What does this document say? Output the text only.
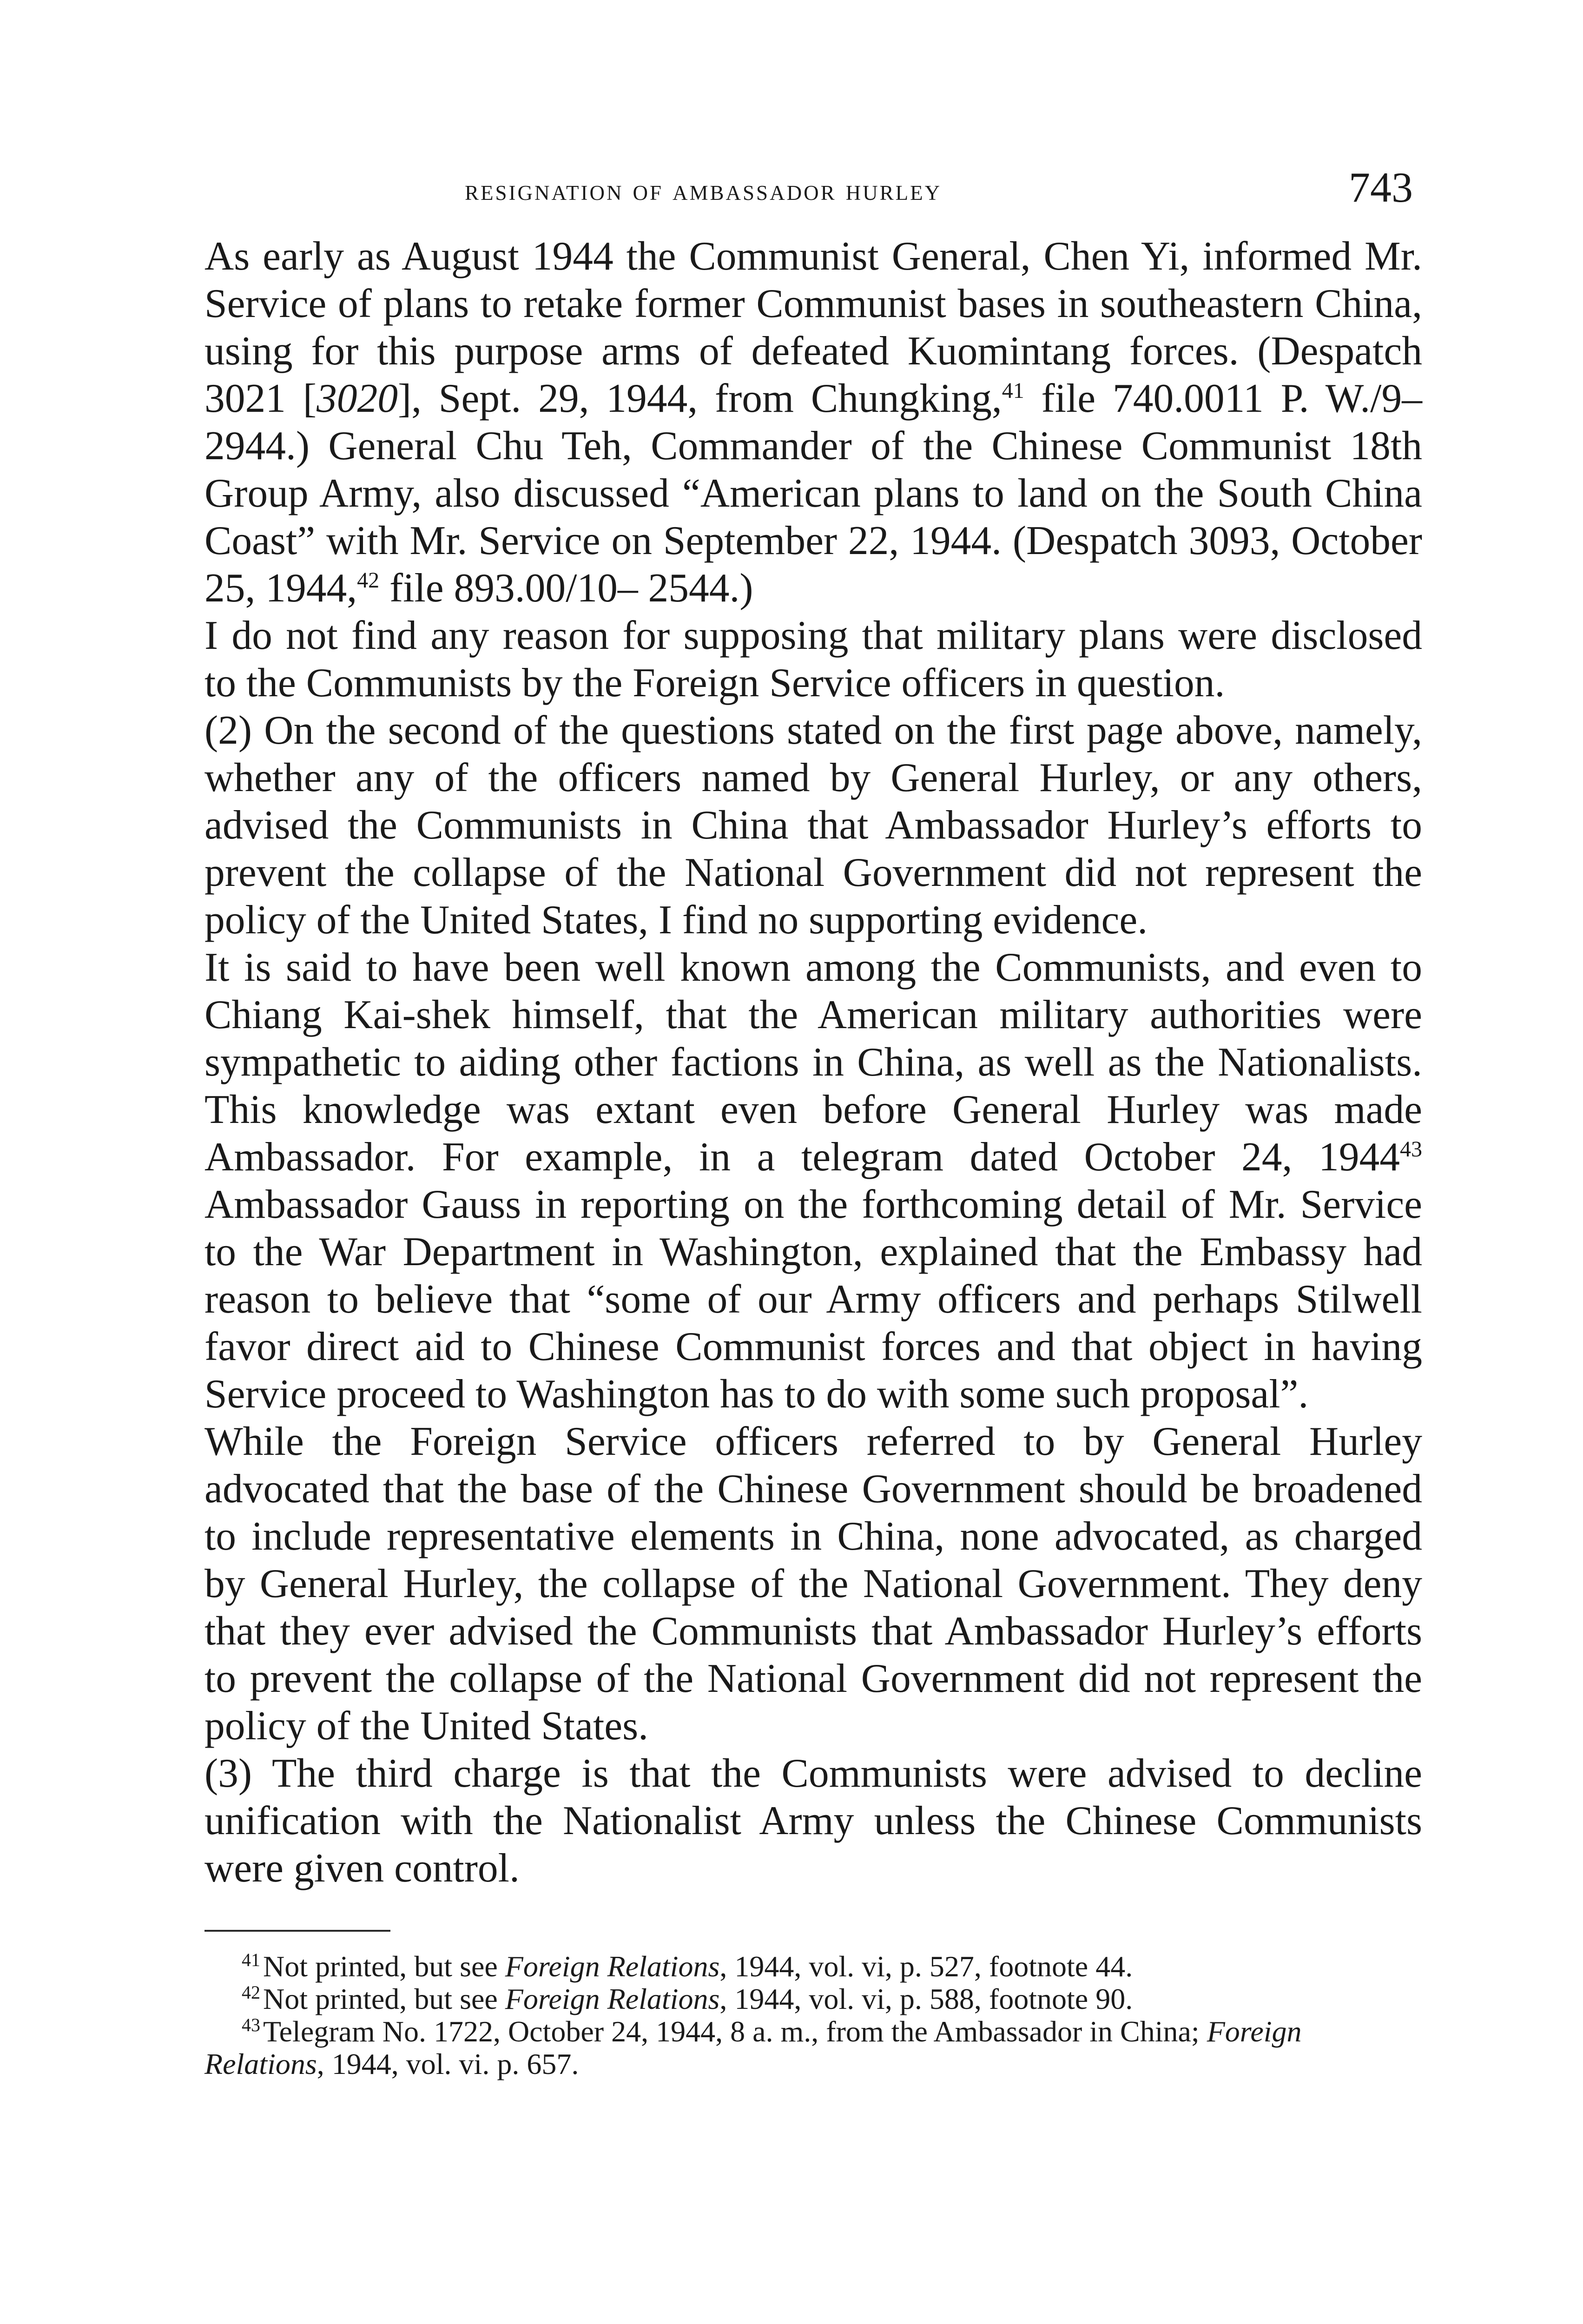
resignation of ambassador hurley	743

As early as August 1944 the Communist General, Chen Yi, informed Mr. Service of plans to retake former Communist bases in southeastern China, using for this purpose arms of defeated Kuomintang forces. (Despatch 3021 [3020], Sept. 29, 1944, from Chungking,$^{41}$ file 740.0011 P. W./9–2944.) General Chu Teh, Commander of the Chinese Communist 18th Group Army, also discussed “American plans to land on the South China Coast” with Mr. Service on September 22, 1944. (Despatch 3093, October 25, 1944,42 file 893.00/10– 2544.)

I do not find any reason for supposing that military plans were disclosed to the Communists by the Foreign Service officers in question.

(2) On the second of the questions stated on the first page above, namely, whether any of the officers named by General Hurley, or any others, advised the Communists in China that Ambassador Hurley’s efforts to prevent the collapse of the National Government did not represent the policy of the United States, I find no supporting evidence.

It is said to have been well known among the Communists, and even to Chiang Kai-shek himself, that the American military authorities were sympathetic to aiding other factions in China, as well as the Nationalists. This knowledge was extant even before General Hurley was made Ambassador. For example, in a telegram dated October 24, 1944$^{43}$ Ambassador Gauss in reporting on the forthcoming detail of Mr. Service to the War Department in Washington, explained that the Embassy had reason to believe that “some of our Army officers and perhaps Stilwell favor direct aid to Chinese Communist forces and that object in having Service proceed to Washington has to do with some such proposal”.

While the Foreign Service officers referred to by General Hurley advocated that the base of the Chinese Government should be broadened to include representative elements in China, none advocated, as charged by General Hurley, the collapse of the National Government. They deny that they ever advised the Communists that Ambassador Hurley’s efforts to prevent the collapse of the National Government did not represent the policy of the United States.

(3) The third charge is that the Communists were advised to decline unification with the Nationalist Army unless the Chinese Communists were given control.

$^{41}$Not printed, but see Foreign Relations, 1944, vol. vi, p. 527, footnote 44.

$^{42}$Not printed, but see Foreign Relations, 1944, vol. vi, p. 588, footnote 90.

$^{43}$Telegram No. 1722, October 24, 1944, 8 a. m., from the Ambassador in China; Foreign Relations, 1944, vol. vi. p. 657.
